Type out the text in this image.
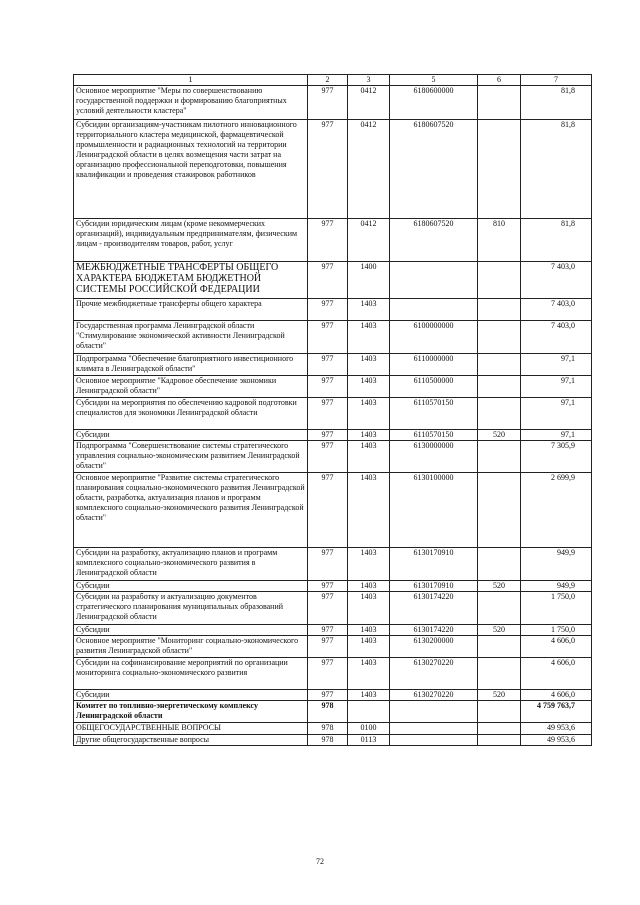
1	2	3	5	6	7
Основное мероприятие "Меры по совершенствованию государственной поддержки и формированию благоприятных условий деятельности кластера"	977	0412	6180600000		81,8
Субсидии организациям-участникам пилотного инновационного территориального кластера медицинской, фармацевтической промышленности и радиационных технологий на территории Ленинградской области в целях возмещения части затрат на организацию профессиональной переподготовки, повышения квалификации и проведения стажировок работников	977	0412	6180607520		81,8
Субсидии юридическим лицам (кроме некоммерческих организаций), индивидуальным предпринимателям, физическим лицам - производителям товаров, работ, услуг	977	0412	6180607520	810	81,8
МЕЖБЮДЖЕТНЫЕ ТРАНСФЕРТЫ ОБЩЕГО ХАРАКТЕРА БЮДЖЕТАМ БЮДЖЕТНОЙ СИСТЕМЫ РОССИЙСКОЙ ФЕДЕРАЦИИ	977	1400			7 403,0
Прочие межбюджетные трансферты общего характера	977	1403			7 403,0
Государственная программа Ленинградской области "Стимулирование экономической активности Ленинградской области"	977	1403	6100000000		7 403,0
Подпрограмма "Обеспечение благоприятного инвестиционного климата в Ленинградской области"	977	1403	6110000000		97,1
Основное мероприятие "Кадровое обеспечение экономики Ленинградской области"	977	1403	6110500000		97,1
Субсидии на мероприятия по обеспечению кадровой подготовки специалистов для экономики Ленинградской области	977	1403	6110570150		97,1
Субсидии	977	1403	6110570150	520	97,1
Подпрограмма "Совершенствование системы стратегического управления социально-экономическим развитием Ленинградской области"	977	1403	6130000000		7 305,9
Основное мероприятие "Развитие системы стратегического планирования социально-экономического развития Ленинградской области, разработка, актуализация планов и программ комплексного социально-экономического развития Ленинградской области"	977	1403	6130100000		2 699,9
Субсидии на разработку, актуализацию планов и программ комплексного социально-экономического развития в Ленинградской области	977	1403	6130170910		949,9
Субсидии	977	1403	6130170910	520	949,9
Субсидии на разработку и актуализацию документов стратегического планирования муниципальных образований Ленинградской области	977	1403	6130174220		1 750,0
Субсидии	977	1403	6130174220	520	1 750,0
Основное мероприятие "Мониторинг социально-экономического развития Ленинградской области"	977	1403	6130200000		4 606,0
Субсидии на софинансирование мероприятий по организации мониторинга социально-экономического развития	977	1403	6130270220		4 606,0
Субсидии	977	1403	6130270220	520	4 606,0
Комитет по топливно-энергетическому комплексу Ленинградской области	978				4 759 763,7
ОБЩЕГОСУДАРСТВЕННЫЕ ВОПРОСЫ	978	0100			49 953,6
Другие общегосударственные вопросы	978	0113			49 953,6
72
